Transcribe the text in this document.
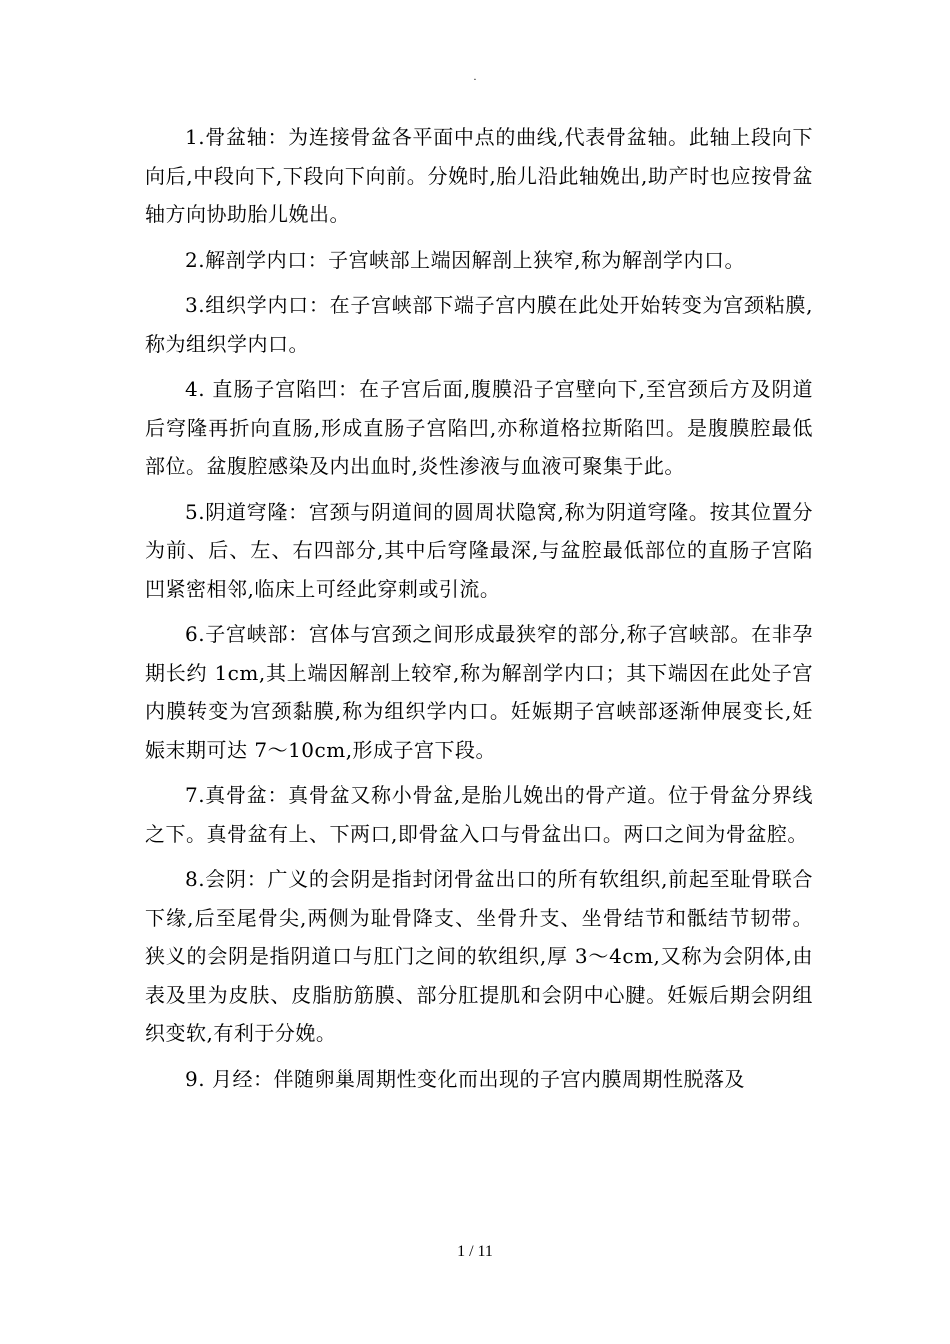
.

1.骨盆轴：为连接骨盆各平面中点的曲线,代表骨盆轴。此轴上段向下向后,中段向下,下段向下向前。分娩时,胎儿沿此轴娩出,助产时也应按骨盆轴方向协助胎儿娩出。

2.解剖学内口：子宫峡部上端因解剖上狭窄,称为解剖学内口。

3.组织学内口：在子宫峡部下端子宫内膜在此处开始转变为宫颈粘膜,称为组织学内口。

4. 直肠子宫陷凹：在子宫后面,腹膜沿子宫壁向下,至宫颈后方及阴道后穹隆再折向直肠,形成直肠子宫陷凹,亦称道格拉斯陷凹。是腹膜腔最低部位。盆腹腔感染及内出血时,炎性渗液与血液可聚集于此。

5.阴道穹隆：宫颈与阴道间的圆周状隐窝,称为阴道穹隆。按其位置分为前、后、左、右四部分,其中后穹隆最深,与盆腔最低部位的直肠子宫陷凹紧密相邻,临床上可经此穿刺或引流。

6.子宫峡部：宫体与宫颈之间形成最狭窄的部分,称子宫峡部。在非孕期长约 1cm,其上端因解剖上较窄,称为解剖学内口；其下端因在此处子宫内膜转变为宫颈黏膜,称为组织学内口。妊娠期子宫峡部逐渐伸展变长,妊娠末期可达 7～10cm,形成子宫下段。

7.真骨盆：真骨盆又称小骨盆,是胎儿娩出的骨产道。位于骨盆分界线之下。真骨盆有上、下两口,即骨盆入口与骨盆出口。两口之间为骨盆腔。

8.会阴：广义的会阴是指封闭骨盆出口的所有软组织,前起至耻骨联合下缘,后至尾骨尖,两侧为耻骨降支、坐骨升支、坐骨结节和骶结节韧带。狭义的会阴是指阴道口与肛门之间的软组织,厚 3～4cm,又称为会阴体,由表及里为皮肤、皮脂肪筋膜、部分肛提肌和会阴中心腱。妊娠后期会阴组织变软,有利于分娩。

9. 月经：伴随卵巢周期性变化而出现的子宫内膜周期性脱落及

1 / 11
